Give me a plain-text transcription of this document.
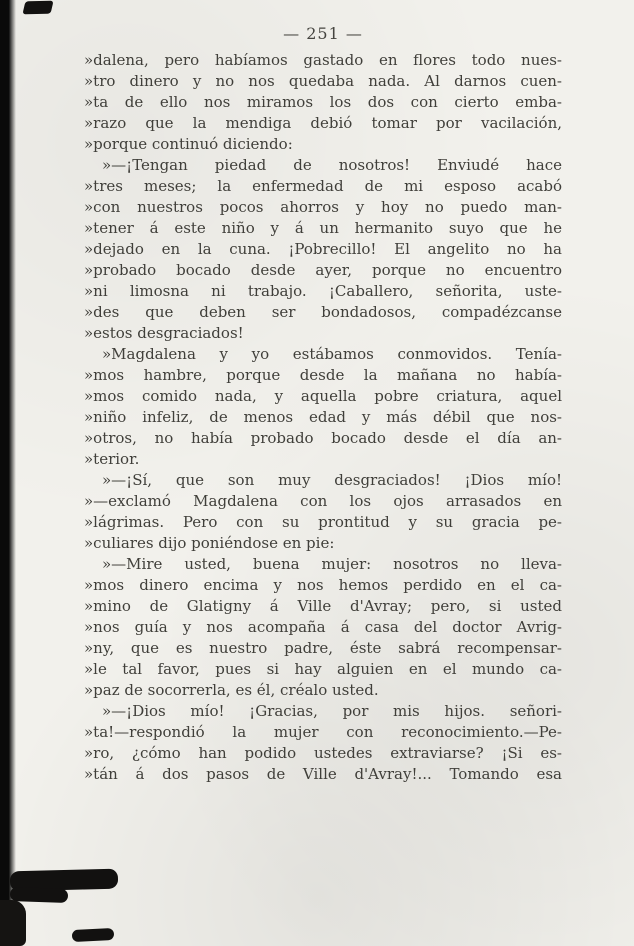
— 251 —
»dalena, pero habíamos gastado en flores todo nues-
»tro dinero y no nos quedaba nada. Al darnos cuen-
»ta de ello nos miramos los dos con cierto emba-
»razo que la mendiga debió tomar por vacilación,
»porque continuó diciendo:
»—¡Tengan piedad de nosotros! Enviudé hace
»tres meses; la enfermedad de mi esposo acabó
»con nuestros pocos ahorros y hoy no puedo man-
»tener á este niño y á un hermanito suyo que he
»dejado en la cuna. ¡Pobrecillo! El angelito no ha
»probado bocado desde ayer, porque no encuentro
»ni limosna ni trabajo. ¡Caballero, señorita, uste-
»des que deben ser bondadosos, compadézcanse
»estos desgraciados!
»Magdalena y yo estábamos conmovidos. Tenía-
»mos hambre, porque desde la mañana no había-
»mos comido nada, y aquella pobre criatura, aquel
»niño infeliz, de menos edad y más débil que nos-
»otros, no había probado bocado desde el día an-
»terior.
»—¡Sí, que son muy desgraciados! ¡Dios mío!
»—exclamó Magdalena con los ojos arrasados en
»lágrimas. Pero con su prontitud y su gracia pe-
»culiares dijo poniéndose en pie:
»—Mire usted, buena mujer: nosotros no lleva-
»mos dinero encima y nos hemos perdido en el ca-
»mino de Glatigny á Ville d'Avray; pero, si usted
»nos guía y nos acompaña á casa del doctor Avrig-
»ny, que es nuestro padre, éste sabrá recompensar-
»le tal favor, pues si hay alguien en el mundo ca-
»paz de socorrerla, es él, créalo usted.
»—¡Dios mío! ¡Gracias, por mis hijos. señori-
»ta!—respondió la mujer con reconocimiento.—Pe-
»ro, ¿cómo han podido ustedes extraviarse? ¡Si es-
»tán á dos pasos de Ville d'Avray!... Tomando esa
